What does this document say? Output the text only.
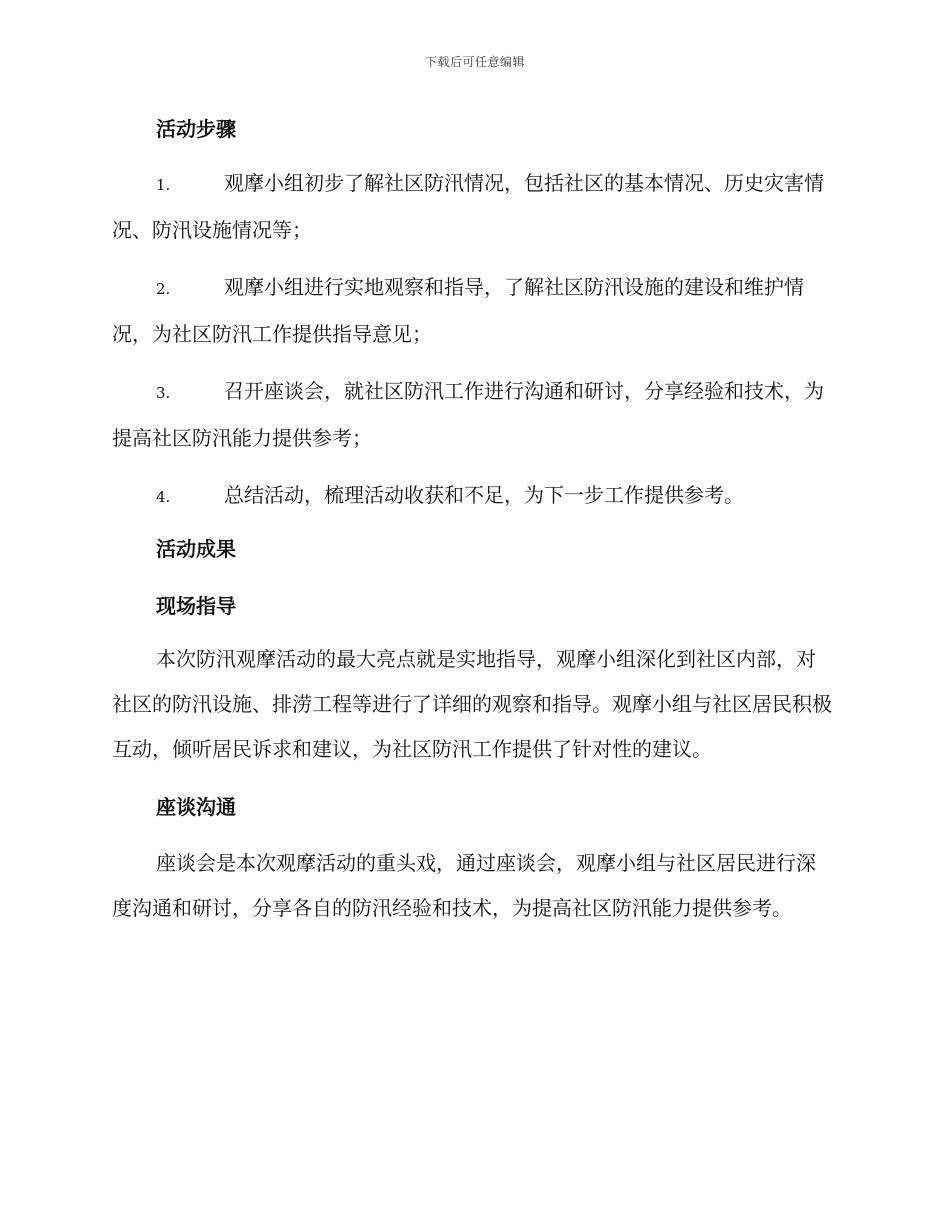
下载后可任意编辑
活动步骤

1.	观摩小组初步了解社区防汛情况，包括社区的基本情况、历史灾害情况、防汛设施情况等；

2.	观摩小组进行实地观察和指导，了解社区防汛设施的建设和维护情况，为社区防汛工作提供指导意见；

3.	召开座谈会，就社区防汛工作进行沟通和研讨，分享经验和技术，为提高社区防汛能力提供参考；

4.	总结活动，梳理活动收获和不足，为下一步工作提供参考。

活动成果
现场指导

本次防汛观摩活动的最大亮点就是实地指导，观摩小组深化到社区内部，对社区的防汛设施、排涝工程等进行了详细的观察和指导。观摩小组与社区居民积极互动，倾听居民诉求和建议，为社区防汛工作提供了针对性的建议。

座谈沟通

座谈会是本次观摩活动的重头戏，通过座谈会，观摩小组与社区居民进行深度沟通和研讨，分享各自的防汛经验和技术，为提高社区防汛能力提供参考。
